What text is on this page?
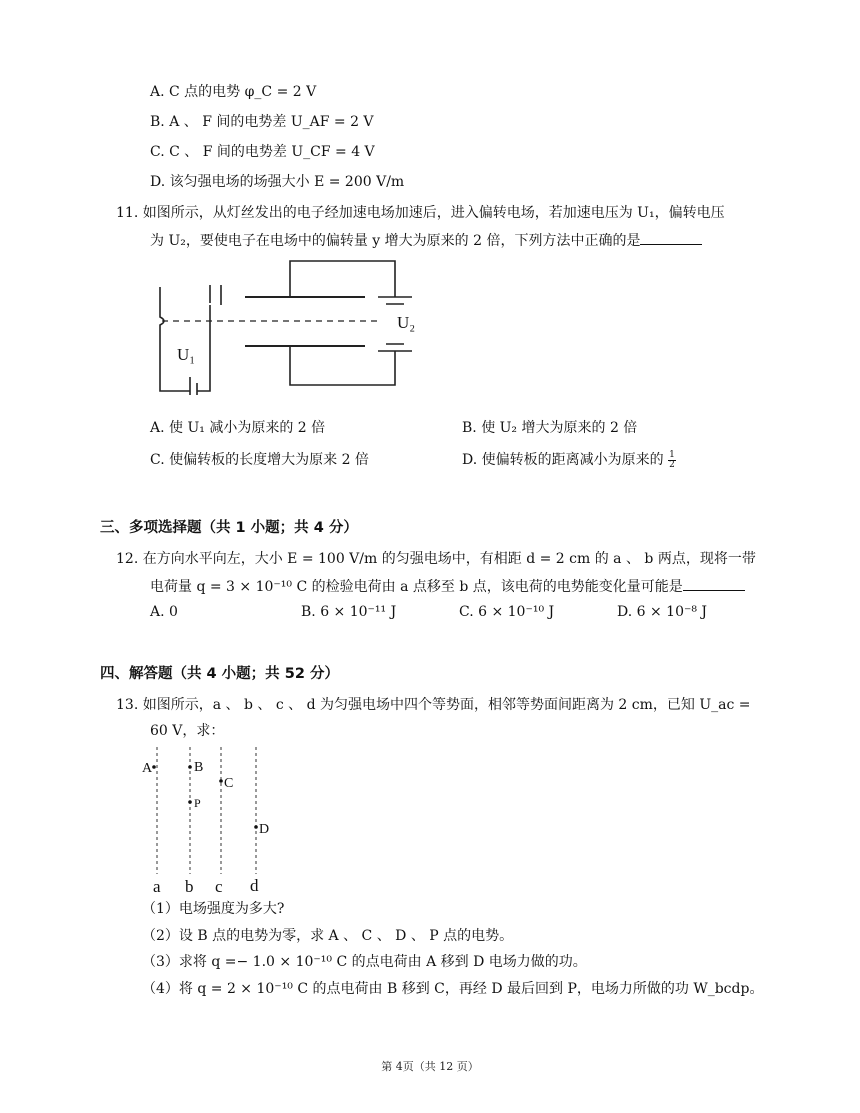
A. C 点的电势 φ_C = 2 V
B. A 、 F 间的电势差 U_AF = 2 V
C. C 、 F 间的电势差 U_CF = 4 V
D. 该匀强电场的场强大小 E = 200 V/m
11. 如图所示，从灯丝发出的电子经加速电场加速后，进入偏转电场，若加速电压为 U₁，偏转电压
为 U₂，要使电子在电场中的偏转量 y 增大为原来的 2 倍，下列方法中正确的是
U₂
U₁
A. 使 U₁ 减小为原来的 2 倍	B. 使 U₂ 增大为原来的 2 倍
C. 使偏转板的长度增大为原来 2 倍	D. 使偏转板的距离减小为原来的 $\frac{1}{2}$
三、多项选择题（共 1 小题；共 4 分）
12. 在方向水平向左，大小 E = 100 V/m 的匀强电场中，有相距 d = 2 cm 的 a 、 b 两点，现将一带
电荷量 q = 3 × 10⁻¹⁰ C 的检验电荷由 a 点移至 b 点，该电荷的电势能变化量可能是
A. 0	B. 6 × 10⁻¹¹ J	C. 6 × 10⁻¹⁰ J	D. 6 × 10⁻⁸ J
四、解答题（共 4 小题；共 52 分）
13. 如图所示，a 、 b 、 c 、 d 为匀强电场中四个等势面，相邻等势面间距离为 2 cm，已知 U_ac =
60 V，求：
A	B
C
P
D
a b c d
（1）电场强度为多大?
（2）设 B 点的电势为零，求 A 、 C 、 D 、 P 点的电势。
（3）求将 q =− 1.0 × 10⁻¹⁰ C 的点电荷由 A 移到 D 电场力做的功。
（4）将 q = 2 × 10⁻¹⁰ C 的点电荷由 B 移到 C，再经 D 最后回到 P，电场力所做的功 W_bcdp。
第 4页（共 12 页）
